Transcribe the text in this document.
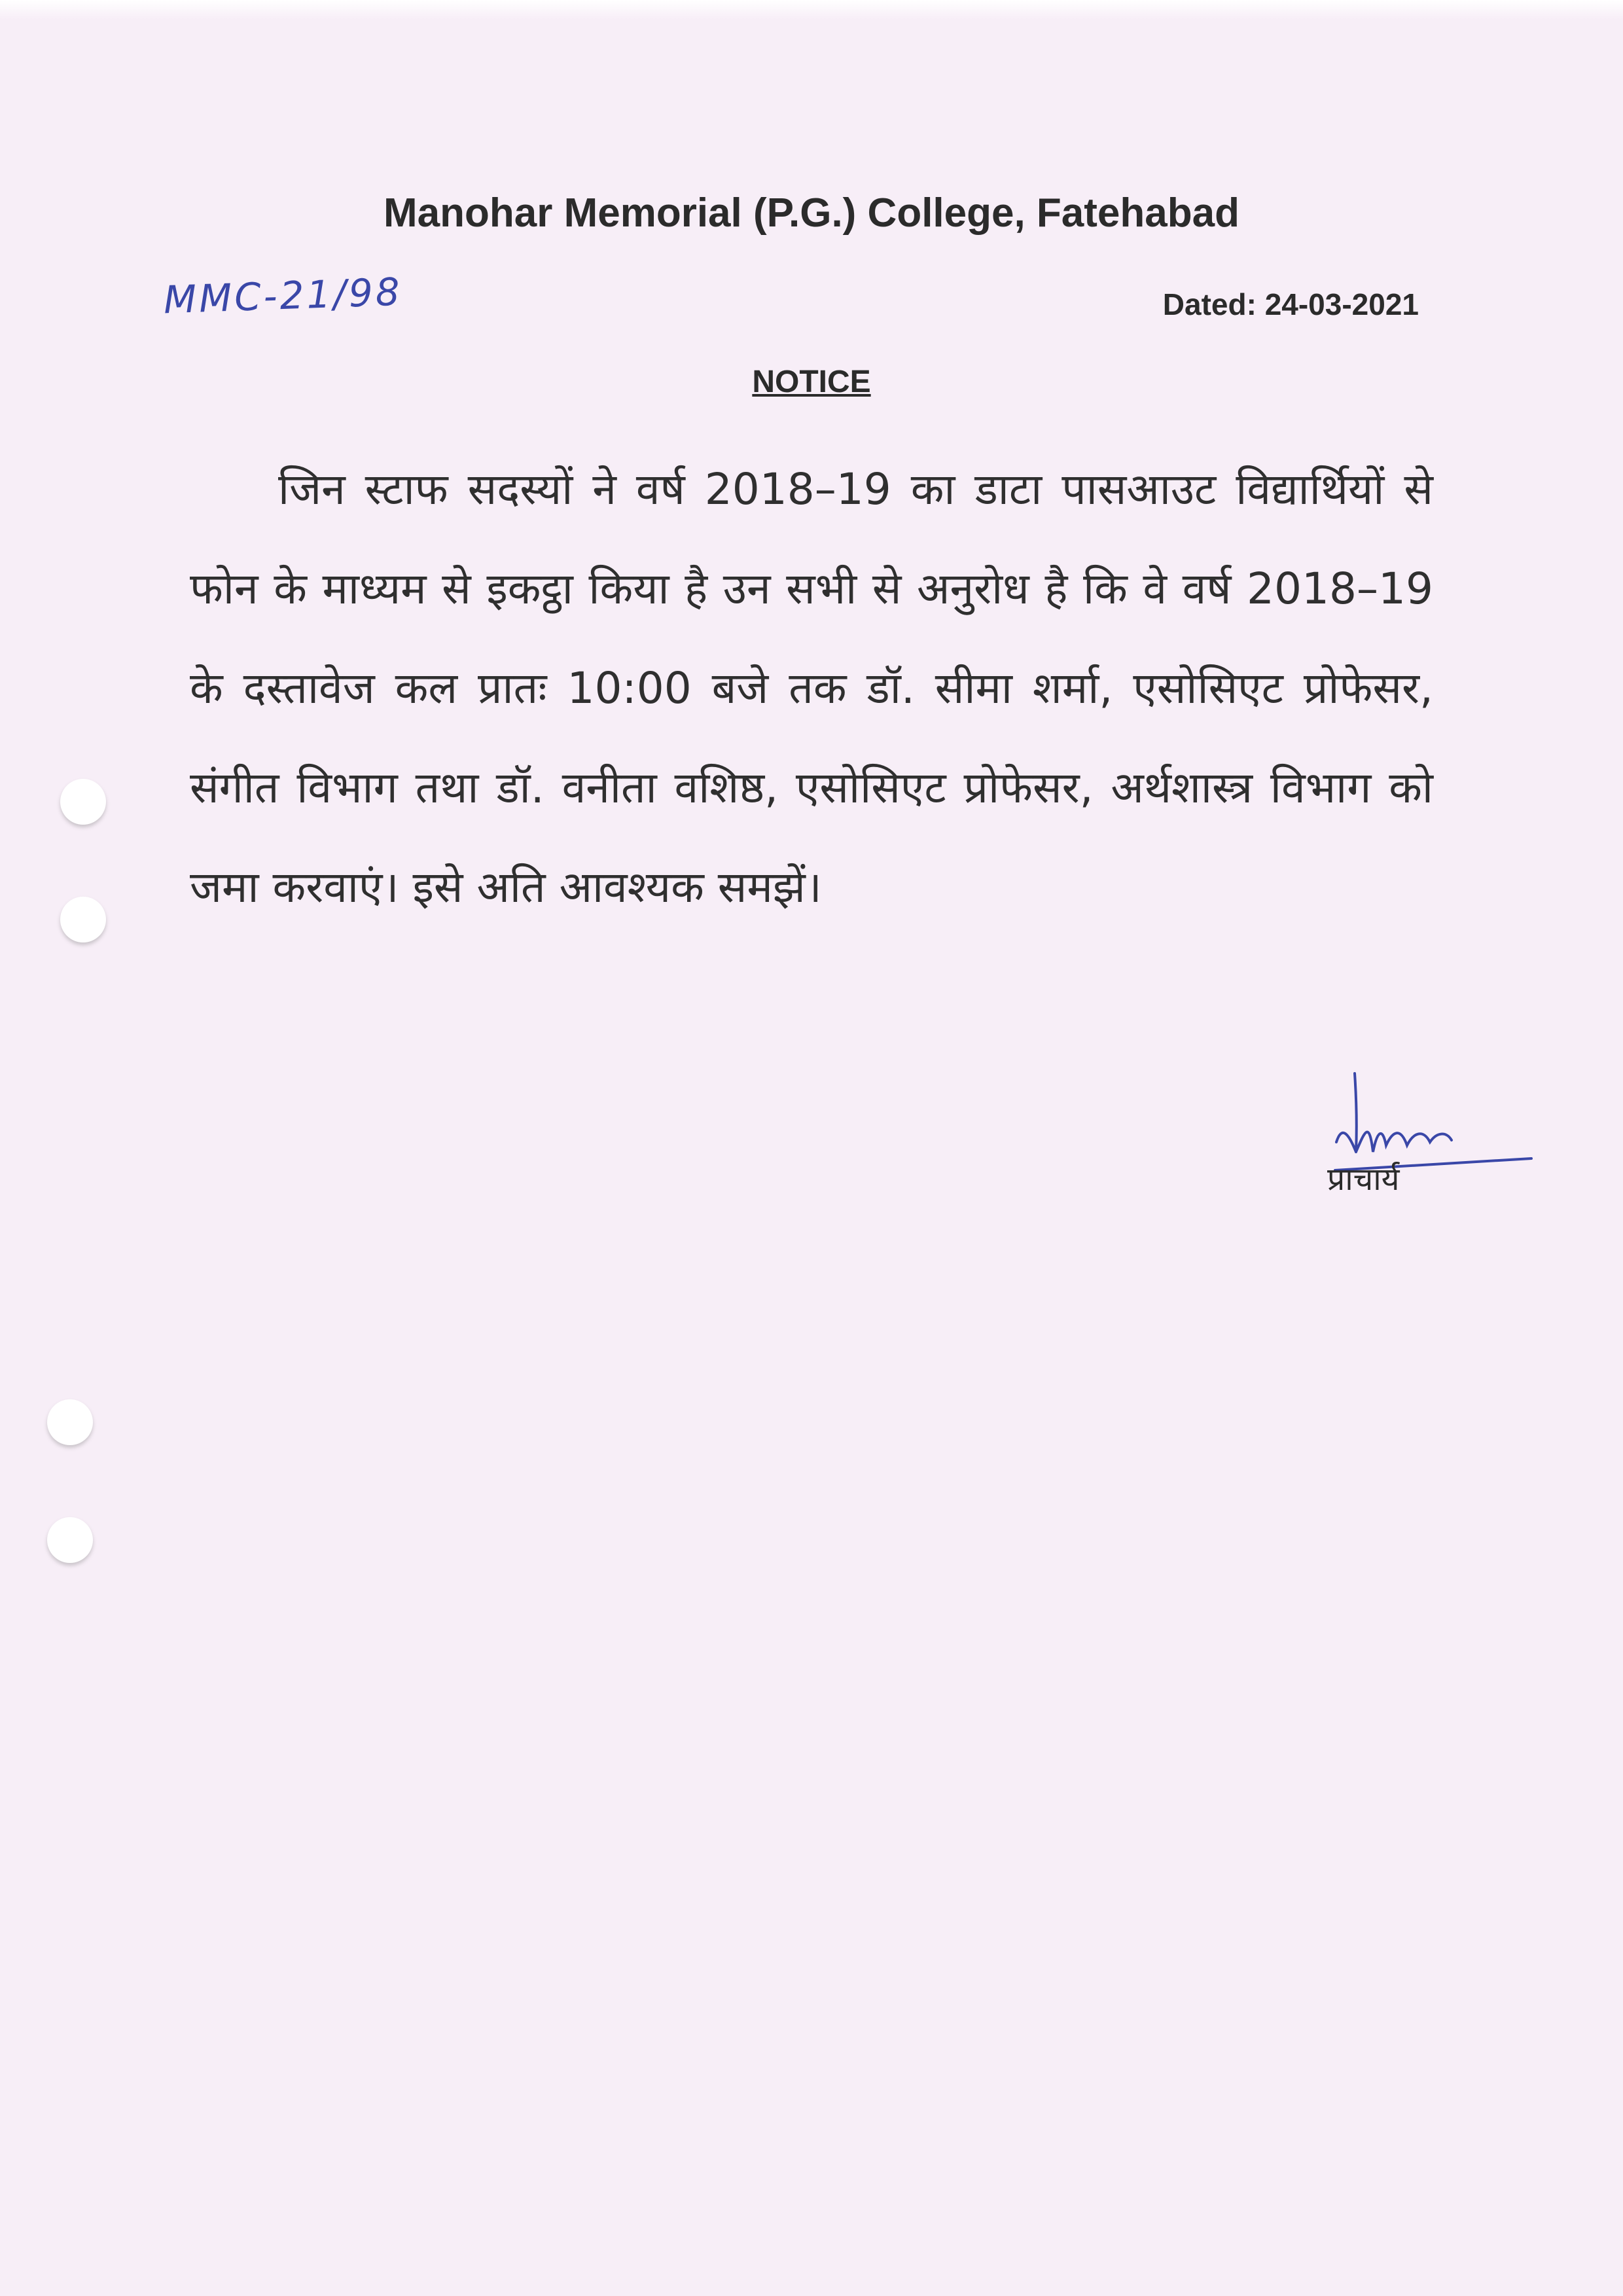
Manohar Memorial (P.G.) College, Fatehabad
MMC-21/98	Dated: 24-03-2021
NOTICE
जिन स्टाफ सदस्यों ने वर्ष 2018–19 का डाटा पासआउट विद्यार्थियों से फोन के माध्यम से इकट्ठा किया है उन सभी से अनुरोध है कि वे वर्ष 2018–19 के दस्तावेज कल प्रातः 10:00 बजे तक डॉ. सीमा शर्मा, एसोसिएट प्रोफेसर, संगीत विभाग तथा डॉ. वनीता वशिष्ठ, एसोसिएट प्रोफेसर, अर्थशास्त्र विभाग को जमा करवाएं। इसे अति आवश्यक समझें।
प्राचार्य
